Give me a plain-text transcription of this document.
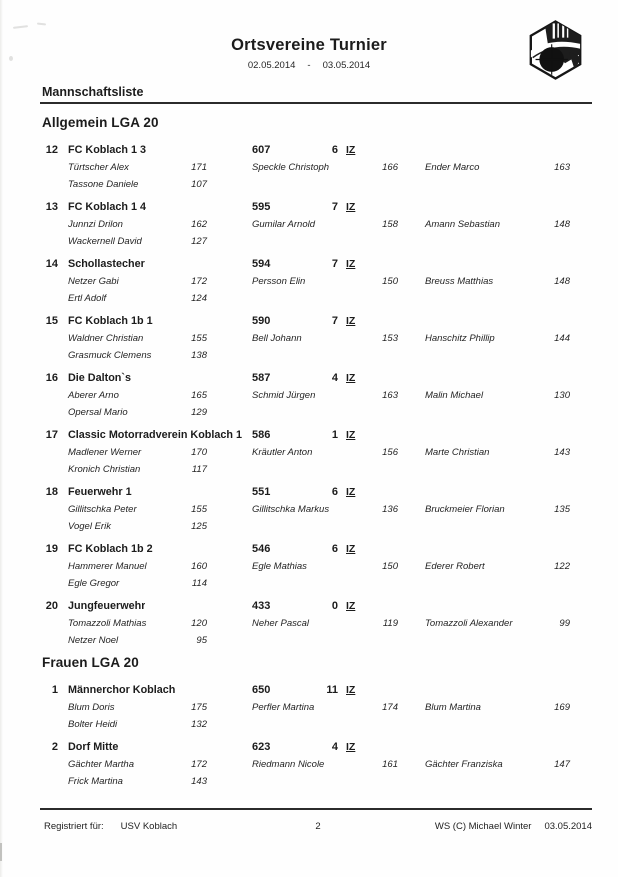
Ortsvereine Turnier
02.05.2014 - 03.05.2014
Mannschaftsliste
Allgemein LGA 20
12 FC Koblach 1 3	607	6 IZ
Türtscher Alex	171	Speckle Christoph	166	Ender Marco	163
Tassone Daniele	107
13 FC Koblach 1 4	595	7 IZ
Junnzi Drilon	162	Gumilar Arnold	158	Amann Sebastian	148
Wackernell David	127
14 Schollastecher	594	7 IZ
Netzer Gabi	172	Persson Elin	150	Breuss Matthias	148
Ertl Adolf	124
15 FC Koblach 1b 1	590	7 IZ
Waldner Christian	155	Bell Johann	153	Hanschitz Phillip	144
Grasmuck Clemens	138
16 Die Dalton`s	587	4 IZ
Aberer Arno	165	Schmid Jürgen	163	Malin Michael	130
Opersal Mario	129
17 Classic Motorradverein Koblach 1 586	1 IZ
Madlener Werner	170	Kräutler Anton	156	Marte Christian	143
Kronich Christian	117
18 Feuerwehr 1	551	6 IZ
Gillitschka Peter	155	Gillitschka Markus	136	Bruckmeier Florian	135
Vogel Erik	125
19 FC Koblach 1b 2	546	6 IZ
Hammerer Manuel	160	Egle Mathias	150	Ederer Robert	122
Egle Gregor	114
20 Jungfeuerwehr	433	0 IZ
Tomazzoli Mathias	120	Neher Pascal	119	Tomazzoli Alexander	99
Netzer Noel	95
Frauen LGA 20
1 Männerchor Koblach	650	11 IZ
Blum Doris	175	Perfler Martina	174	Blum Martina	169
Bolter Heidi	132
2 Dorf Mitte	623	4 IZ
Gächter Martha	172	Riedmann Nicole	161	Gächter Franziska	147
Frick Martina	143
Registriert für: USV Koblach	2	WS (C) Michael Winter 03.05.2014
